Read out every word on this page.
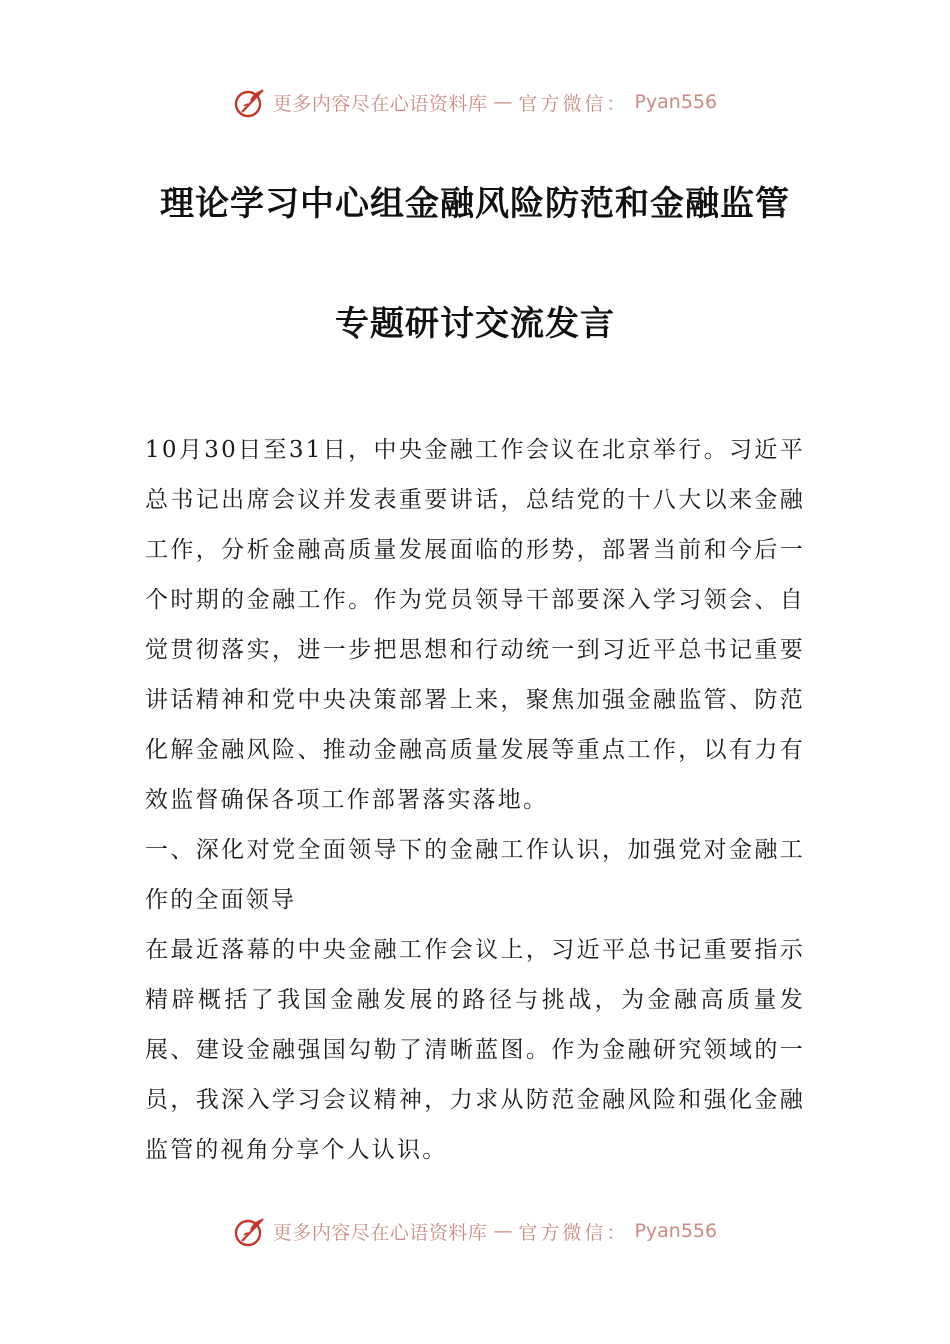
更多内容尽在心语资料库 — 官方微信： Pyan556
理论学习中心组金融风险防范和金融监管
专题研讨交流发言

10月30日至31日，中央金融工作会议在北京举行。习近平总书记出席会议并发表重要讲话，总结党的十八大以来金融工作，分析金融高质量发展面临的形势，部署当前和今后一个时期的金融工作。作为党员领导干部要深入学习领会、自觉贯彻落实，进一步把思想和行动统一到习近平总书记重要讲话精神和党中央决策部署上来，聚焦加强金融监管、防范化解金融风险、推动金融高质量发展等重点工作，以有力有效监督确保各项工作部署落实落地。

一、深化对党全面领导下的金融工作认识，加强党对金融工作的全面领导

在最近落幕的中央金融工作会议上，习近平总书记重要指示精辟概括了我国金融发展的路径与挑战，为金融高质量发展、建设金融强国勾勒了清晰蓝图。作为金融研究领域的一员，我深入学习会议精神，力求从防范金融风险和强化金融监管的视角分享个人认识。

更多内容尽在心语资料库 — 官方微信： Pyan556
